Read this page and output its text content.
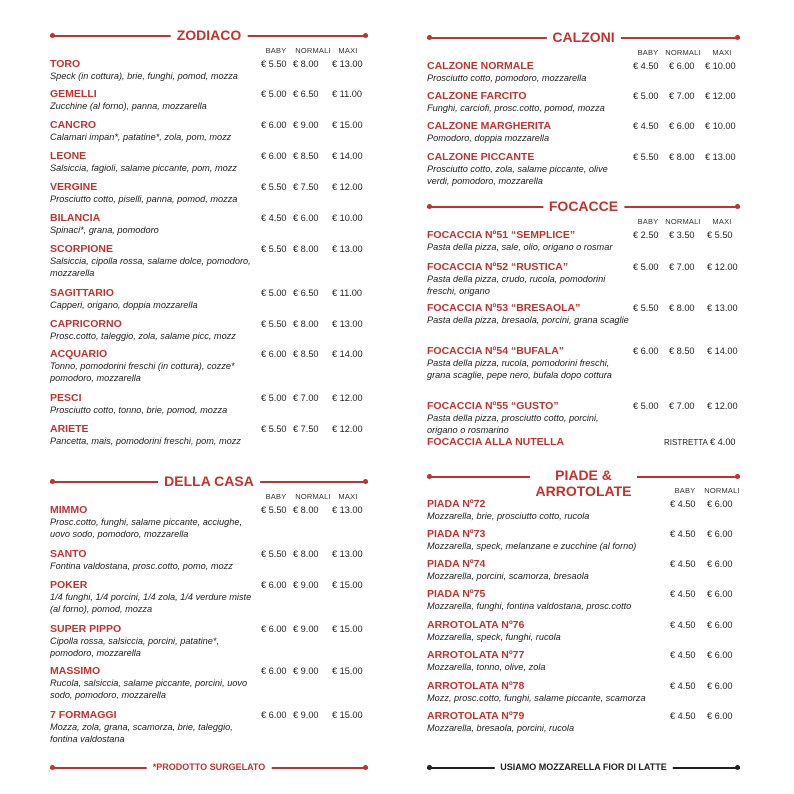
ZODIACO
BABY	NORMALI	MAXI
TORO
Speck (in cottura), brie, funghi, pomod, mozza
€ 5.50 € 8.00 € 13.00
GEMELLI
Zucchine (al forno), panna, mozzarella
€ 5.00 € 6.50 € 11.00
CANCRO
Calamari impan*, patatine*, zola, pom, mozz
€ 6.00 € 9.00 € 15.00
LEONE
Salsiccia, fagioli, salame piccante, pom, mozz
€ 6.00 € 8.50 € 14.00
VERGINE
Prosciutto cotto, piselli, panna, pomod, mozza
€ 5.50 € 7.50 € 12.00
BILANCIA
Spinaci*, grana, pomodoro
€ 4.50 € 6.00 € 10.00
SCORPIONE
Salsiccia, cipolla rossa, salame dolce, pomodoro, mozzarella
€ 5.50 € 8.00 € 13.00
SAGITTARIO
Capperi, origano, doppia mozzarella
€ 5.00 € 6.50 € 11.00
CAPRICORNO
Prosc.cotto, taleggio, zola, salame picc, mozz
€ 5.50 € 8.00 € 13.00
ACQUARIO
Tonno, pomodorini freschi (in cottura), cozze* pomodoro, mozzarella
€ 6.00 € 8.50 € 14.00
PESCI
Prosciutto cotto, tonno, brie, pomod, mozza
€ 5.00 € 7.00 € 12.00
ARIETE
Pancetta, mais, pomodorini freschi, pom, mozz
€ 5.50 € 7.50 € 12.00
DELLA CASA
BABY	NORMALI	MAXI
MIMMO
Prosc.cotto, funghi, salame piccante, acciughe, uovo sodo, pomodoro, mozzarella
€ 5.50 € 8.00 € 13.00
SANTO
Fontina valdostana, prosc.cotto, pomo, mozz
€ 5.50 € 8.00 € 13.00
POKER
1/4 funghi, 1/4 porcini, 1/4 zola, 1/4 verdure miste (al forno), pomod, mozza
€ 6.00 € 9.00 € 15.00
SUPER PIPPO
Cipolla rossa, salsiccia, porcini, patatine*, pomodoro, mozzarella
€ 6.00 € 9.00 € 15.00
MASSIMO
Rucola, salsiccia, salame piccante, porcini, uovo sodo, pomodoro, mozzarella
€ 6.00 € 9.00 € 15.00
7 FORMAGGI
Mozza, zola, grana, scamorza, brie, taleggio, fontina valdostana
€ 6.00 € 9.00 € 15.00
*PRODOTTO SURGELATO
CALZONI
BABY NORMALI	MAXI
CALZONE NORMALE
Prosciutto cotto, pomodoro, mozzarella
€ 4.50 € 6.00 € 10.00
CALZONE FARCITO
Funghi, carciofi, prosc.cotto, pomod, mozza
€ 5.00 € 7.00 € 12.00
CALZONE MARGHERITA
Pomodoro, doppia mozzarella
€ 4.50 € 6.00 € 10.00
CALZONE PICCANTE
Prosciutto cotto, zola, salame piccante, olive verdi, pomodoro, mozzarella
€ 5.50 € 8.00 € 13.00
FOCACCE
BABY NORMALI	MAXI
FOCACCIA Nº51 “SEMPLICE”
Pasta della pizza, sale, olio, origano o rosmar
€ 2.50 € 3.50 € 5.50
FOCACCIA Nº52 “RUSTICA”
Pasta della pizza, crudo, rucola, pomodorini freschi, origano
€ 5.00 € 7.00 € 12.00
FOCACCIA Nº53 “BRESAOLA”
Pasta della pizza, bresaola, porcini, grana scaglie
€ 5.50 € 8.00 € 13.00
FOCACCIA Nº54 “BUFALA”
Pasta della pizza, rucola, pomodorini freschi, grana scaglie, pepe nero, bufala dopo cottura
€ 6.00 € 8.50 € 14.00
FOCACCIA Nº55 “GUSTO”
Pasta della pizza, prosciutto cotto, porcini, origano o rosmarino
€ 5.00 € 7.00 € 12.00
FOCACCIA ALLA NUTELLA	RISTRETTA € 4.00
PIADE &
ARROTOLATE	BABY	NORMALI
PIADA Nº72
Mozzarella, brie, prosciutto cotto, rucola
€ 4.50 € 6.00
PIADA Nº73
Mozzarella, speck, melanzane e zucchine (al forno)
€ 4.50 € 6.00
PIADA Nº74
Mozzarella, porcini, scamorza, bresaola
€ 4.50 € 6.00
PIADA Nº75
Mozzarella, funghi, fontina valdostana, prosc.cotto
€ 4.50 € 6.00
ARROTOLATA Nº76
Mozzarella, speck, funghi, rucola
€ 4.50 € 6.00
ARROTOLATA Nº77
Mozzarella, tonno, olive, zola
€ 4.50 € 6.00
ARROTOLATA Nº78
Mozz, prosc.cotto, funghi, salame piccante, scamorza
€ 4.50 € 6.00
ARROTOLATA Nº79
Mozzarella, bresaola, porcini, rucola
€ 4.50 € 6.00
USIAMO MOZZARELLA FIOR DI LATTE
